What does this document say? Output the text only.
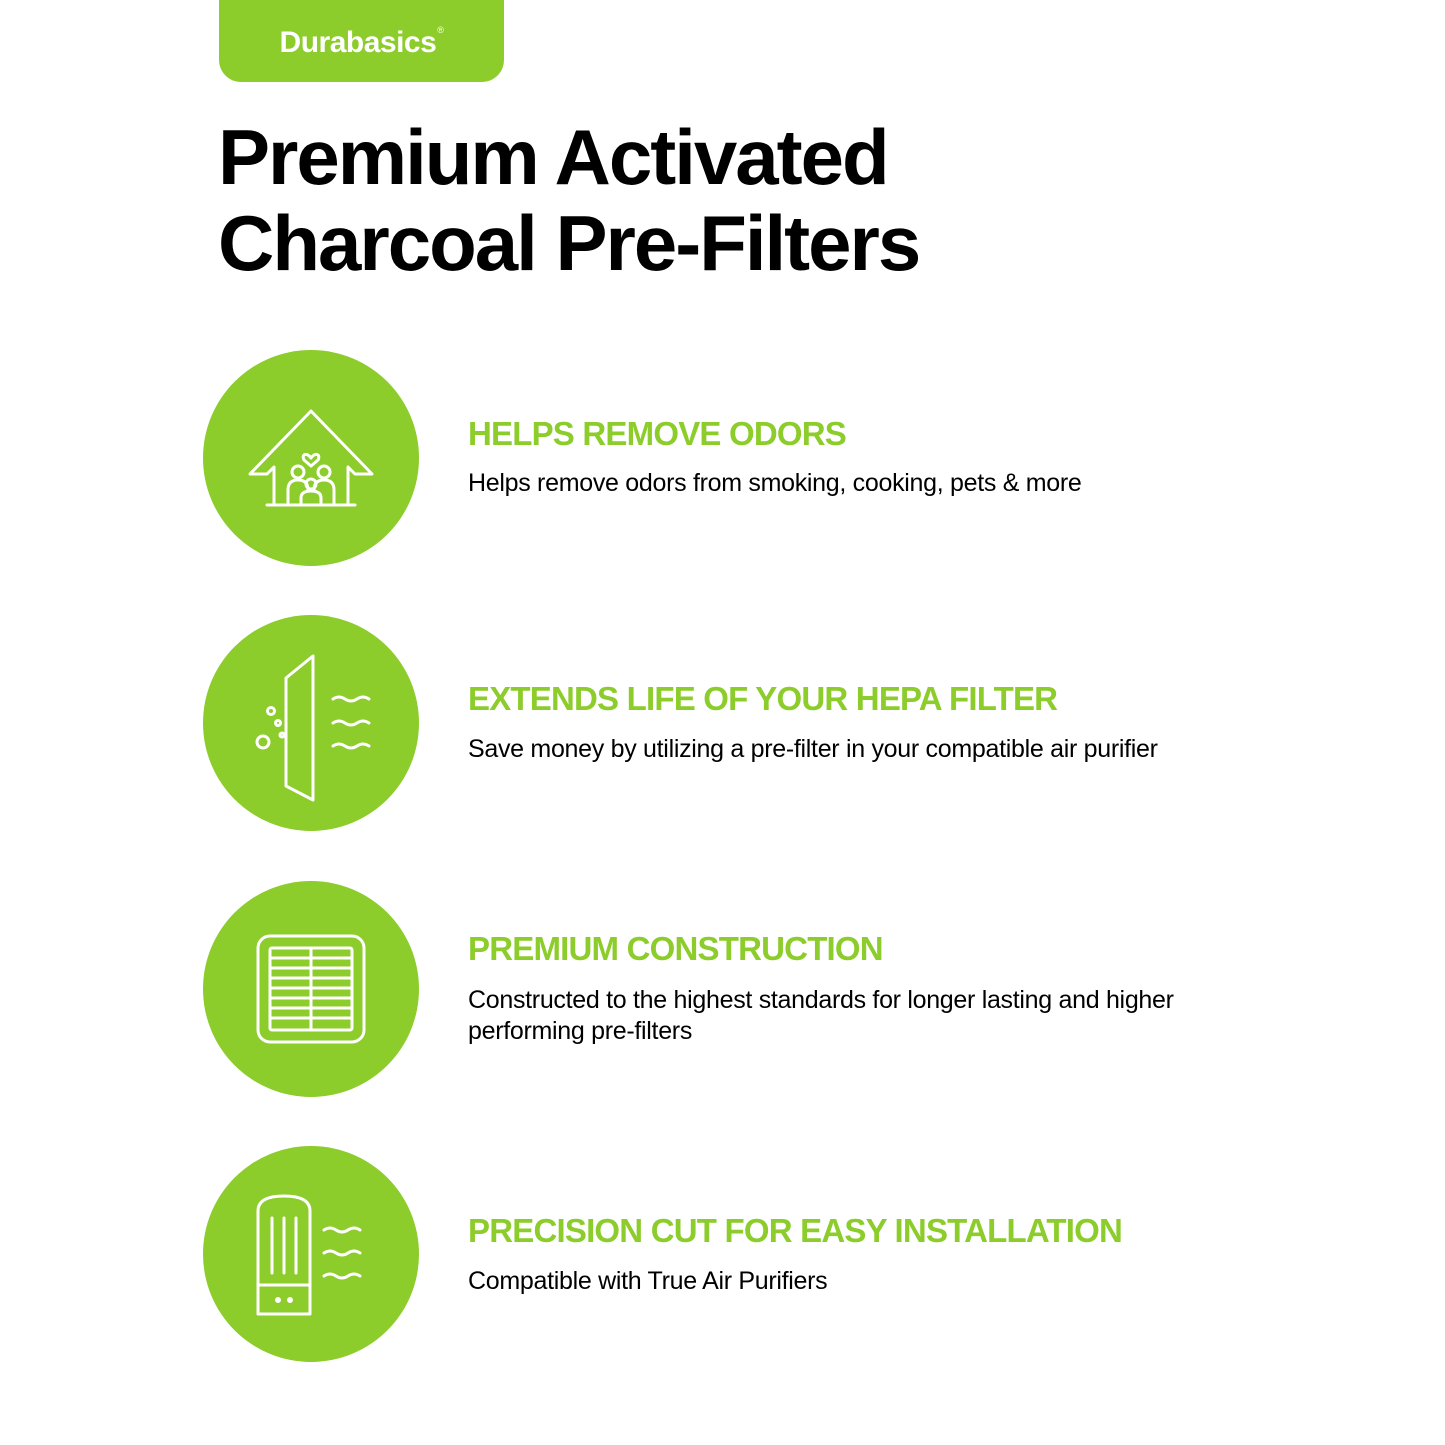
Durabasics®
Premium Activated
Charcoal Pre-Filters
HELPS REMOVE ODORS

Helps remove odors from smoking, cooking, pets & more

EXTENDS LIFE OF YOUR HEPA FILTER

Save money by utilizing a pre-filter in your compatible air purifier

PREMIUM CONSTRUCTION

Constructed to the highest standards for longer lasting and higher performing pre-filters

PRECISION CUT FOR EASY INSTALLATION

Compatible with True Air Purifiers
